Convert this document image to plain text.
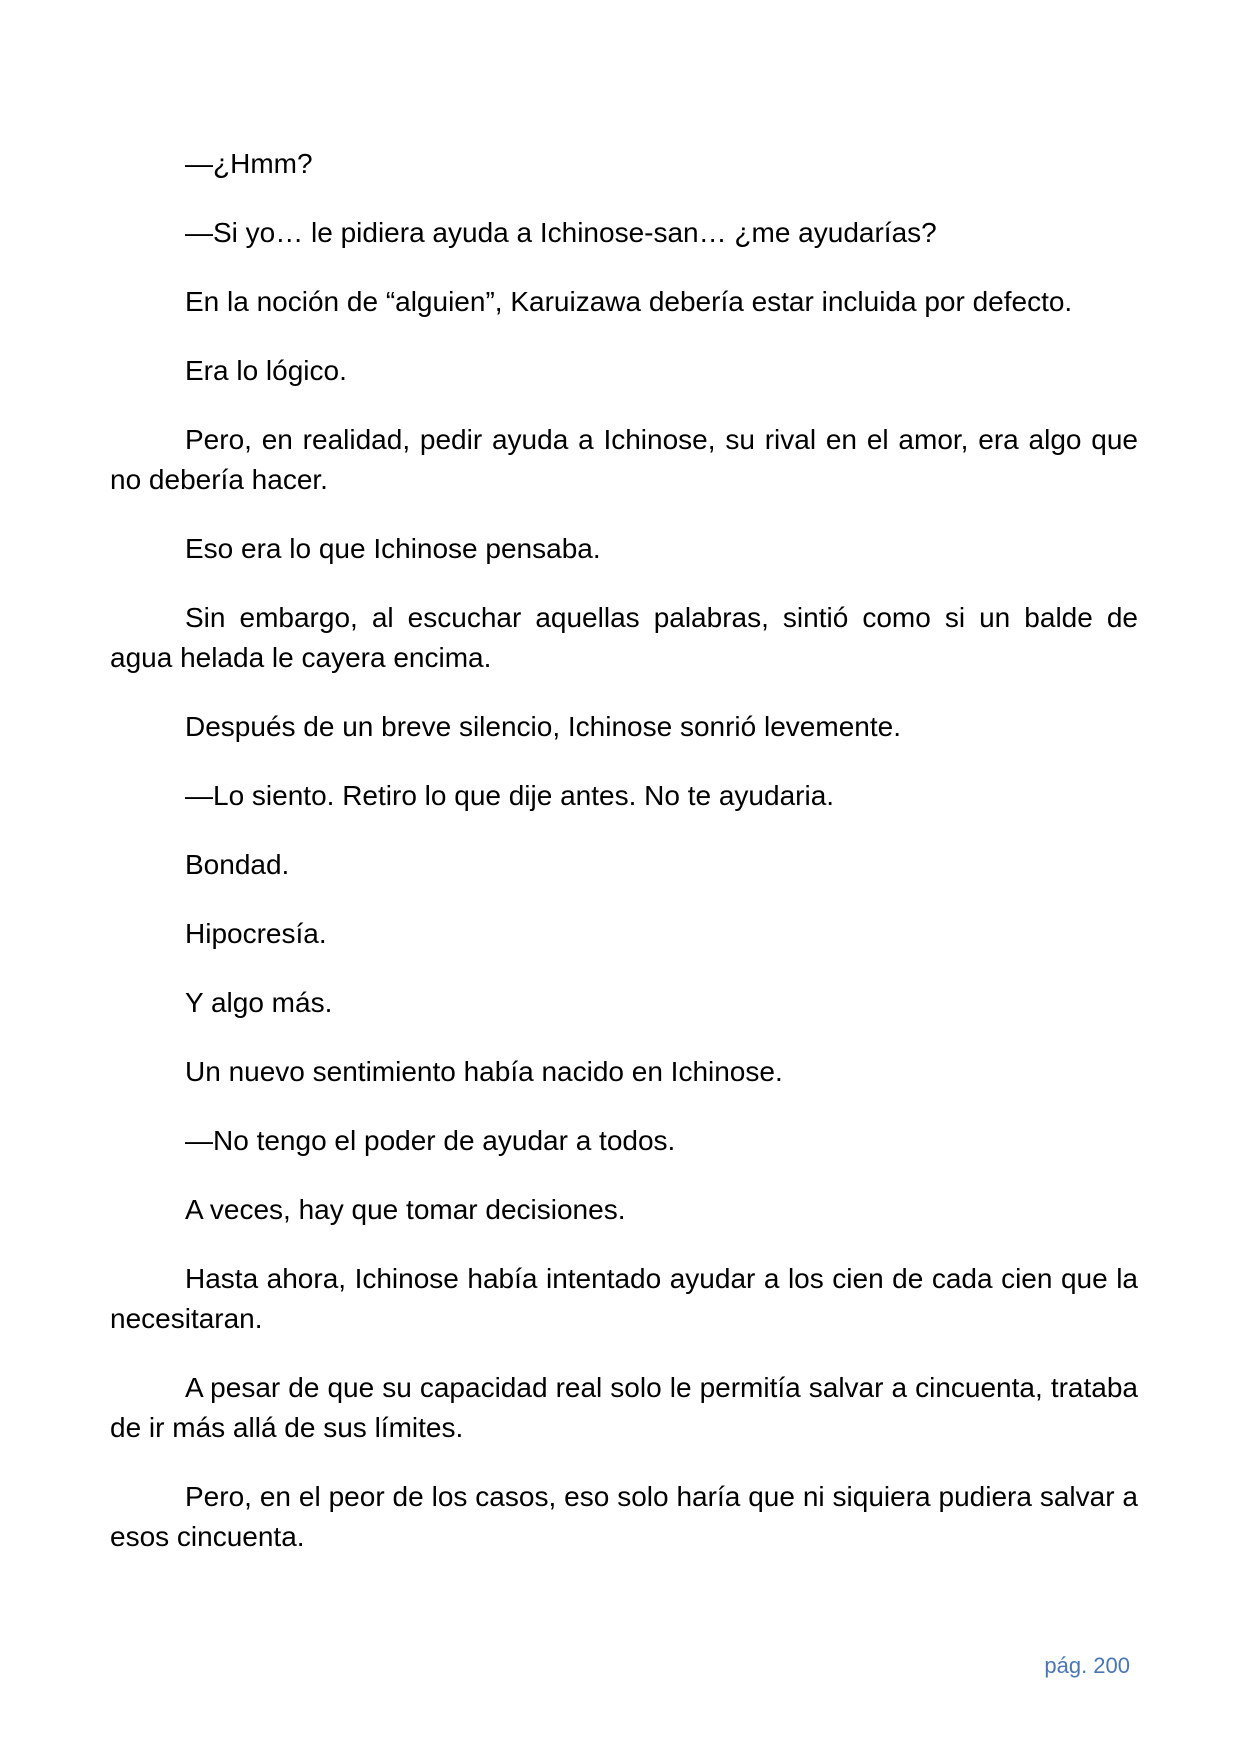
—¿Hmm?

—Si yo… le pidiera ayuda a Ichinose-san… ¿me ayudarías?

En la noción de “alguien”, Karuizawa debería estar incluida por defecto.

Era lo lógico.

Pero, en realidad, pedir ayuda a Ichinose, su rival en el amor, era algo que no debería hacer.

Eso era lo que Ichinose pensaba.

Sin embargo, al escuchar aquellas palabras, sintió como si un balde de agua helada le cayera encima.

Después de un breve silencio, Ichinose sonrió levemente.

—Lo siento. Retiro lo que dije antes. No te ayudaria.

Bondad.

Hipocresía.

Y algo más.

Un nuevo sentimiento había nacido en Ichinose.

—No tengo el poder de ayudar a todos.

A veces, hay que tomar decisiones.

Hasta ahora, Ichinose había intentado ayudar a los cien de cada cien que la necesitaran.

A pesar de que su capacidad real solo le permitía salvar a cincuenta, trataba de ir más allá de sus límites.

Pero, en el peor de los casos, eso solo haría que ni siquiera pudiera salvar a esos cincuenta.

pág. 200
